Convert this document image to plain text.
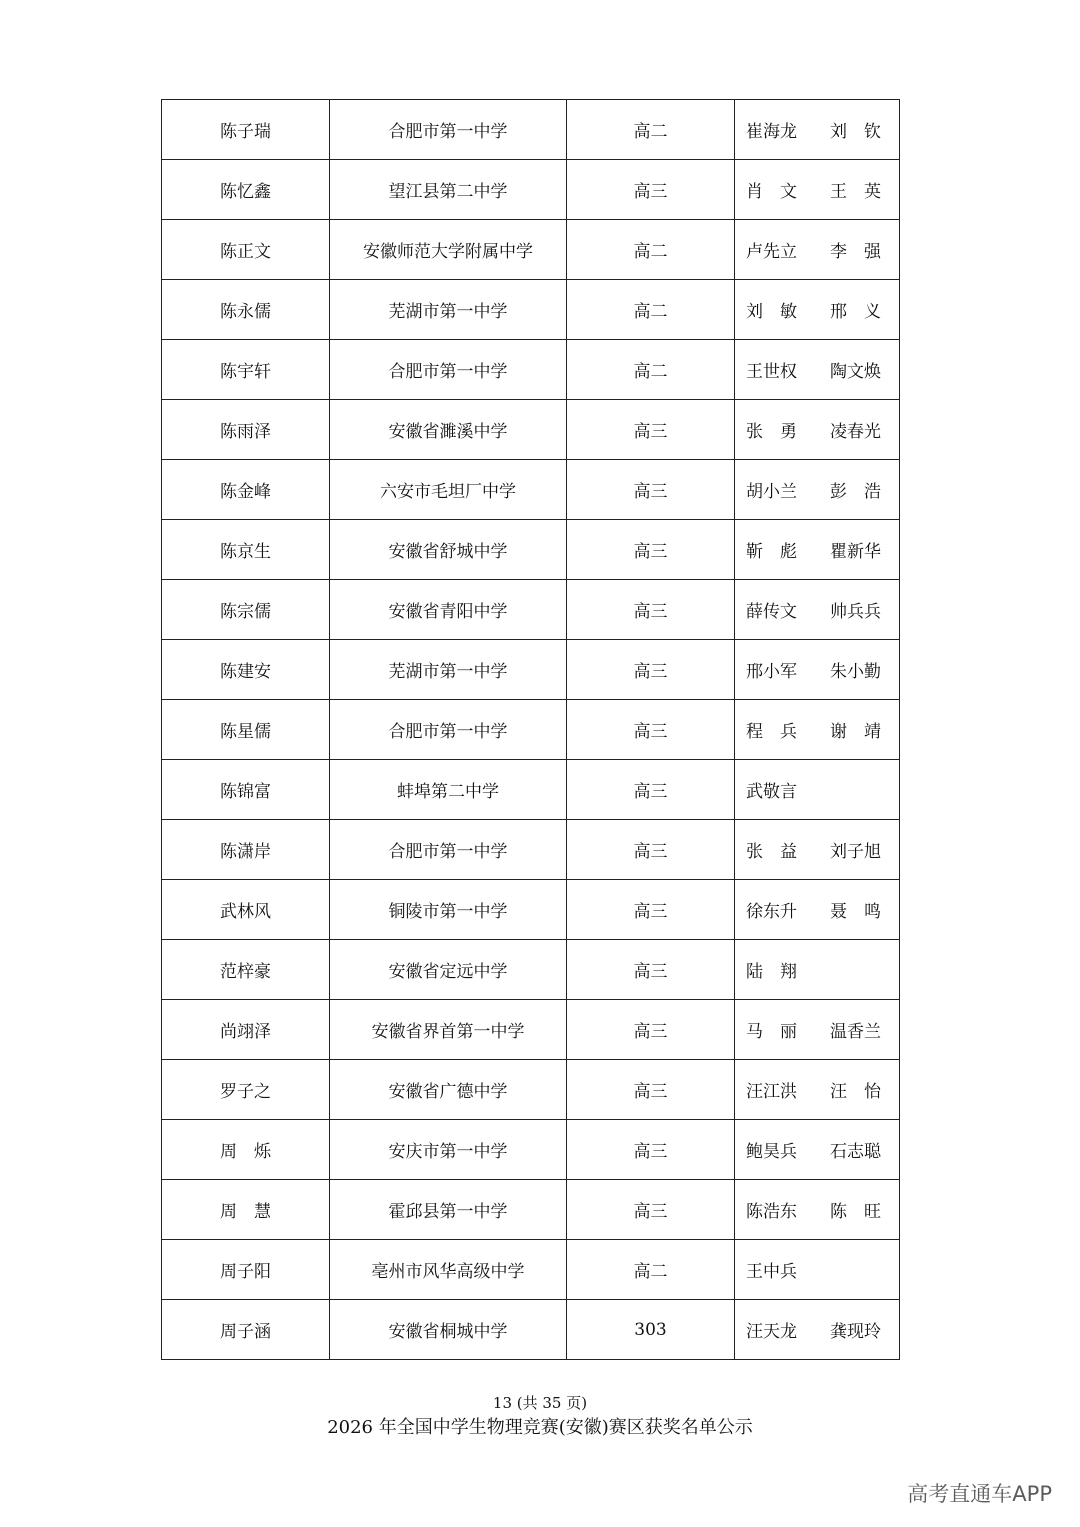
陈子瑞	合肥市第一中学	高二	崔海龙 刘　钦

陈忆鑫	望江县第二中学	高三	肖　文 王　英

陈正文	安徽师范大学附属中学	高二	卢先立 李　强

陈永儒	芜湖市第一中学	高二	刘　敏 邢　义

陈宇轩	合肥市第一中学	高二	王世权 陶文焕

陈雨泽	安徽省濉溪中学	高三	张　勇 凌春光

陈金峰	六安市毛坦厂中学	高三	胡小兰 彭　浩

陈京生	安徽省舒城中学	高三	靳　彪 瞿新华

陈宗儒	安徽省青阳中学	高三	薛传文 帅兵兵

陈建安	芜湖市第一中学	高三	邢小军 朱小勤

陈星儒	合肥市第一中学	高三	程　兵 谢　靖

陈锦富	蚌埠第二中学	高三	武敬言

陈潇岸	合肥市第一中学	高三	张　益 刘子旭

武林风	铜陵市第一中学	高三	徐东升 聂　鸣

范梓豪	安徽省定远中学	高三	陆　翔

尚翊泽	安徽省界首第一中学	高三	马　丽 温香兰

罗子之	安徽省广德中学	高三	汪江洪 汪　怡

周　烁	安庆市第一中学	高三	鲍昊兵 石志聪

周　慧	霍邱县第一中学	高三	陈浩东 陈　旺

周子阳	亳州市风华高级中学	高二	王中兵

周子涵	安徽省桐城中学	303	汪天龙 龚现玲
13 (共 35 页)
2026 年全国中学生物理竞赛(安徽)赛区获奖名单公示
高考直通车APP
